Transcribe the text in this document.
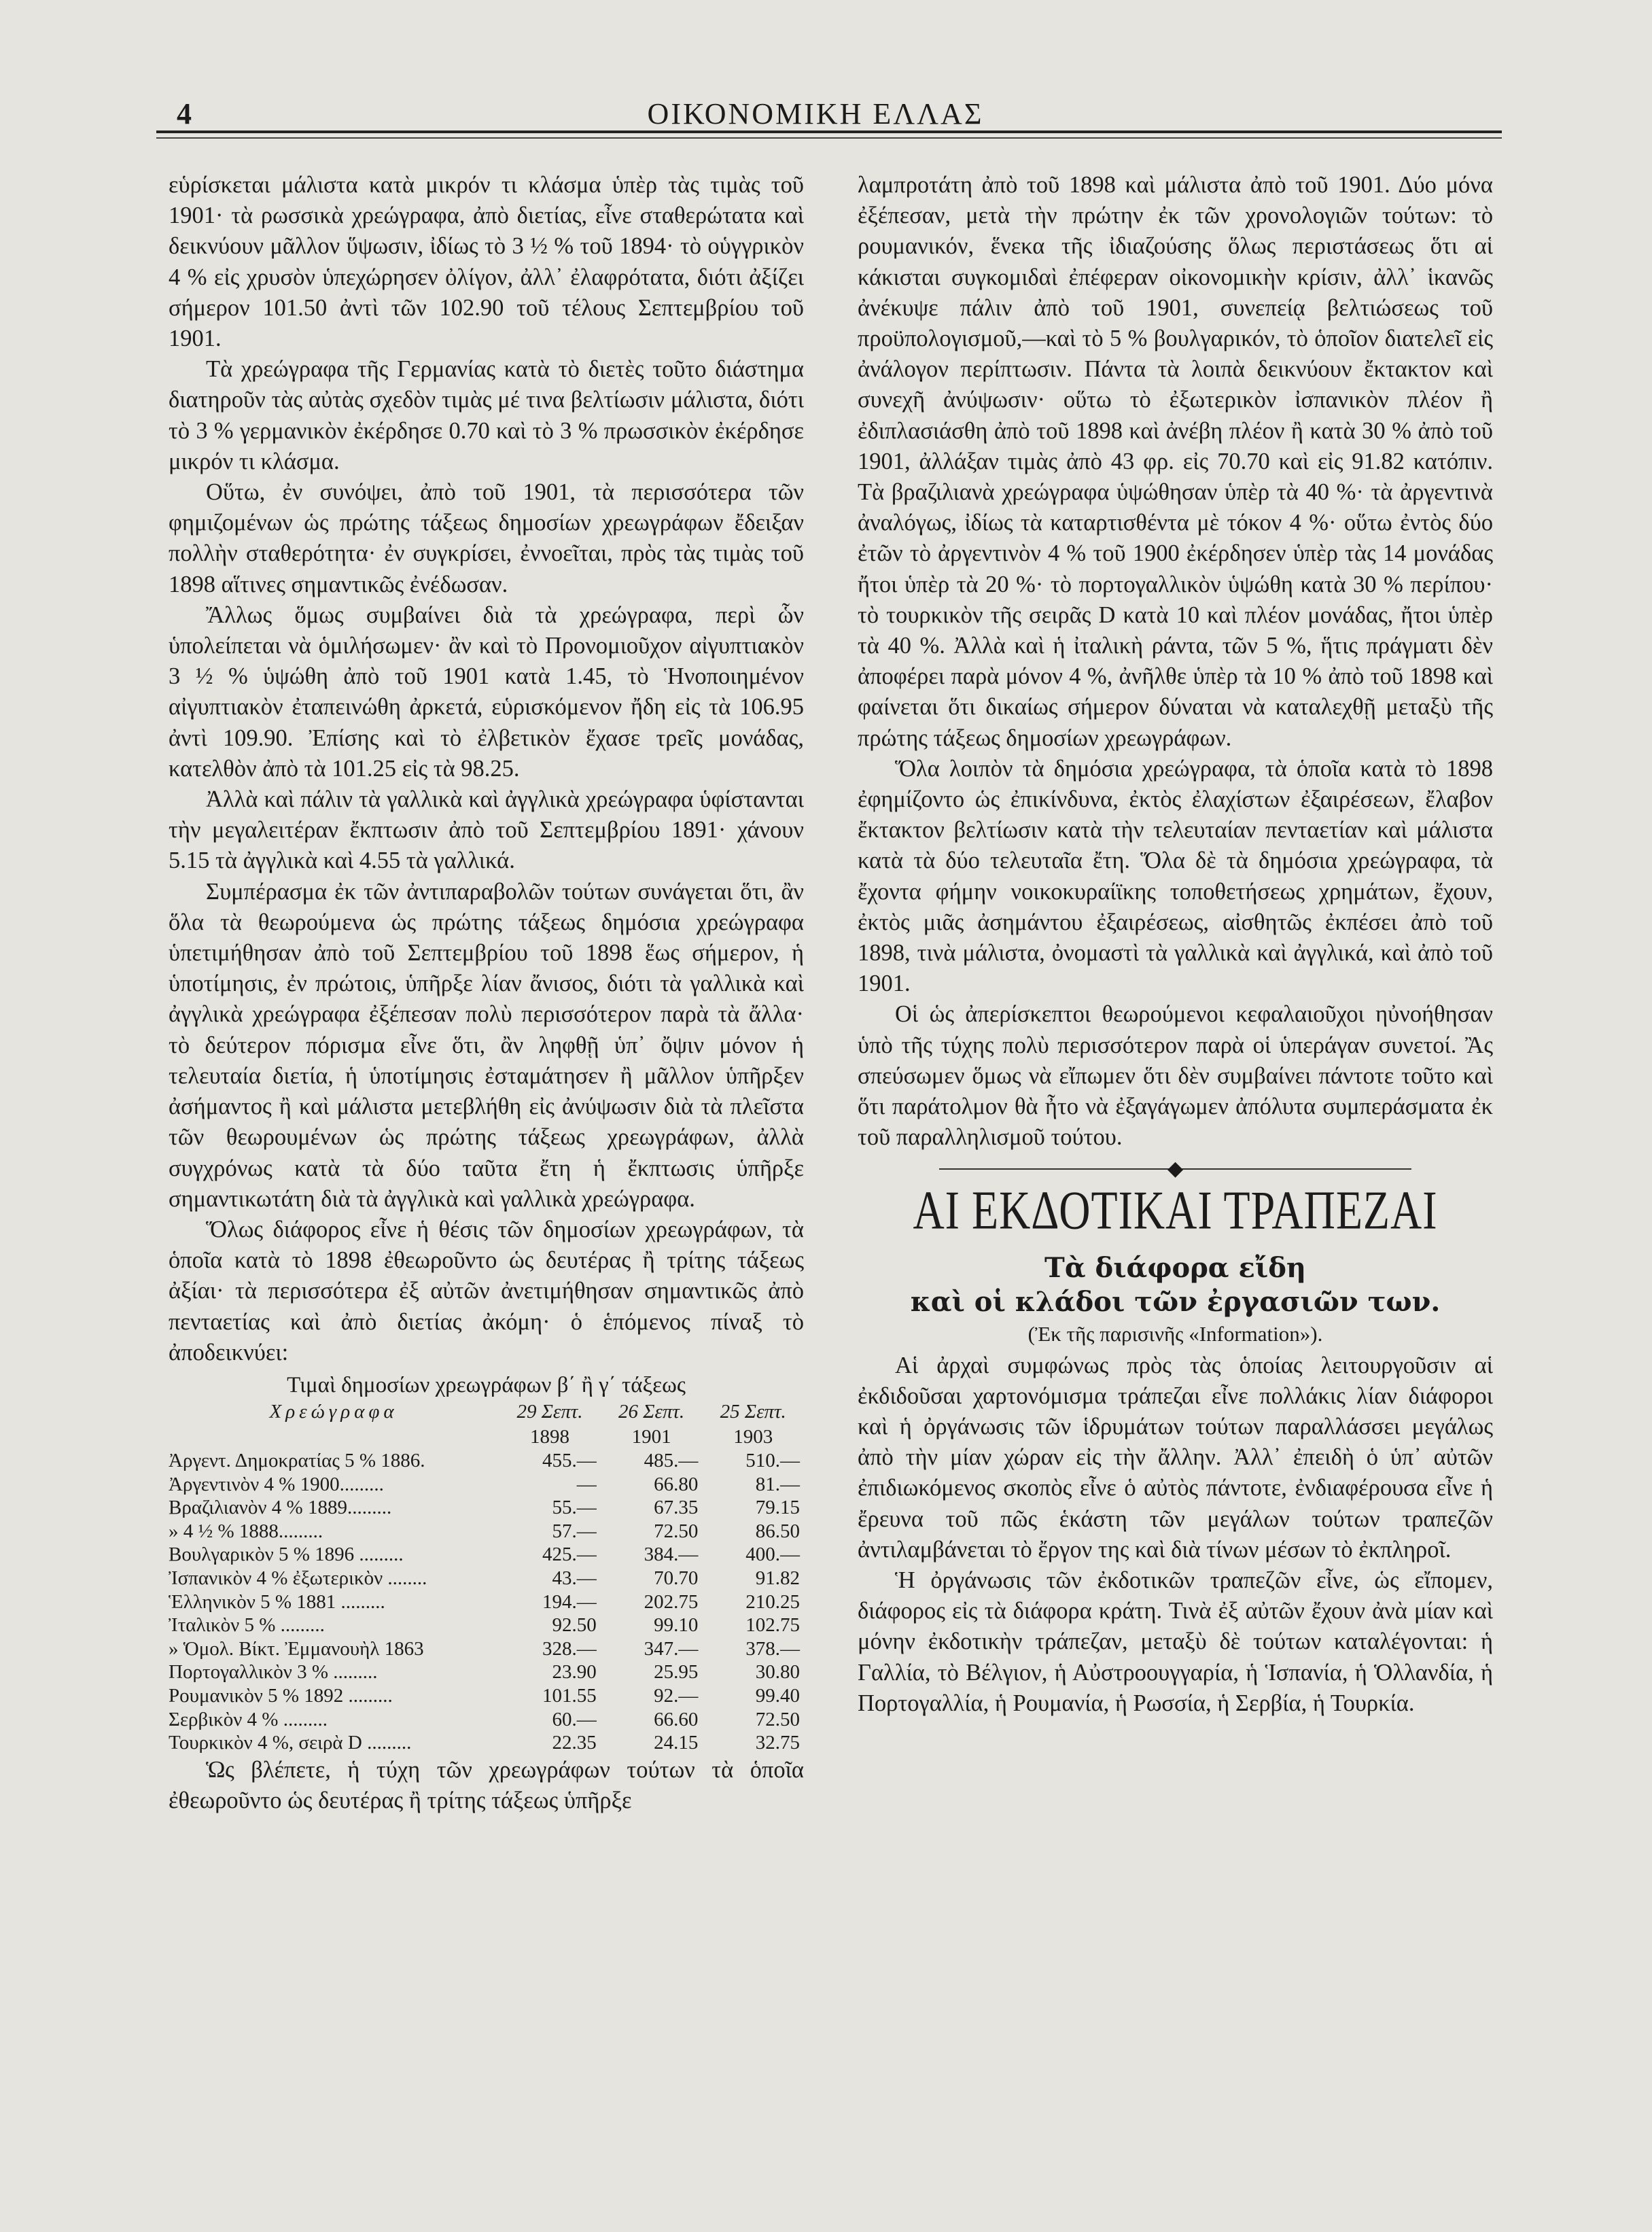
4	ΟΙΚΟΝΟΜΙΚΗ ΕΛΛΑΣ

εὑρίσκεται μάλιστα κατὰ μικρόν τι κλάσμα ὑπὲρ τὰς τιμὰς τοῦ 1901· τὰ ρωσσικὰ χρεώγραφα, ἀπὸ διετίας, εἶνε σταθερώτατα καὶ δεικνύουν μᾶλλον ὕψωσιν, ἰδίως τὸ 3 ½ % τοῦ 1894· τὸ οὑγγρικὸν 4 % εἰς χρυσὸν ὑπεχώρησεν ὀλίγον, ἀλλ᾽ ἐλαφρότατα, διότι ἀξίζει σήμερον 101.50 ἀντὶ τῶν 102.90 τοῦ τέλους Σεπτεμβρίου τοῦ 1901.

Τὰ χρεώγραφα τῆς Γερμανίας κατὰ τὸ διετὲς τοῦτο διάστημα διατηροῦν τὰς αὐτὰς σχεδὸν τιμὰς μέ τινα βελτίωσιν μάλιστα, διότι τὸ 3 % γερμανικὸν ἐκέρδησε 0.70 καὶ τὸ 3 % πρωσσικὸν ἐκέρδησε μικρόν τι κλάσμα.

Οὕτω, ἐν συνόψει, ἀπὸ τοῦ 1901, τὰ περισσότερα τῶν φημιζομένων ὡς πρώτης τάξεως δημοσίων χρεωγράφων ἔδειξαν πολλὴν σταθερότητα· ἐν συγκρίσει, ἐννοεῖται, πρὸς τὰς τιμὰς τοῦ 1898 αἵτινες σημαντικῶς ἐνέδωσαν.

Ἄλλως ὅμως συμβαίνει διὰ τὰ χρεώγραφα, περὶ ὧν ὑπολείπεται νὰ ὁμιλήσωμεν· ἂν καὶ τὸ Προνομιοῦχον αἰγυπτιακὸν 3 ½ % ὑψώθη ἀπὸ τοῦ 1901 κατὰ 1.45, τὸ Ἡνοποιημένον αἰγυπτιακὸν ἐταπεινώθη ἀρκετά, εὑρισκόμενον ἤδη εἰς τὰ 106.95 ἀντὶ 109.90. Ἐπίσης καὶ τὸ ἐλβετικὸν ἔχασε τρεῖς μονάδας, κατελθὸν ἀπὸ τὰ 101.25 εἰς τὰ 98.25.

Ἀλλὰ καὶ πάλιν τὰ γαλλικὰ καὶ ἀγγλικὰ χρεώγραφα ὑφίστανται τὴν μεγαλειτέραν ἔκπτωσιν ἀπὸ τοῦ Σεπτεμβρίου 1891· χάνουν 5.15 τὰ ἀγγλικὰ καὶ 4.55 τὰ γαλλικά.

Συμπέρασμα ἐκ τῶν ἀντιπαραβολῶν τούτων συνάγεται ὅτι, ἂν ὅλα τὰ θεωρούμενα ὡς πρώτης τάξεως δημόσια χρεώγραφα ὑπετιμήθησαν ἀπὸ τοῦ Σεπτεμβρίου τοῦ 1898 ἕως σήμερον, ἡ ὑποτίμησις, ἐν πρώτοις, ὑπῆρξε λίαν ἄνισος, διότι τὰ γαλλικὰ καὶ ἀγγλικὰ χρεώγραφα ἐξέπεσαν πολὺ περισσότερον παρὰ τὰ ἄλλα· τὸ δεύτερον πόρισμα εἶνε ὅτι, ἂν ληφθῇ ὑπ᾽ ὄψιν μόνον ἡ τελευταία διετία, ἡ ὑποτίμησις ἐσταμάτησεν ἢ μᾶλλον ὑπῆρξεν ἀσήμαντος ἢ καὶ μάλιστα μετεβλήθη εἰς ἀνύψωσιν διὰ τὰ πλεῖστα τῶν θεωρουμένων ὡς πρώτης τάξεως χρεωγράφων, ἀλλὰ συγχρόνως κατὰ τὰ δύο ταῦτα ἔτη ἡ ἔκπτωσις ὑπῆρξε σημαντικωτάτη διὰ τὰ ἀγγλικὰ καὶ γαλλικὰ χρεώγραφα.

Ὅλως διάφορος εἶνε ἡ θέσις τῶν δημοσίων χρεωγράφων, τὰ ὁποῖα κατὰ τὸ 1898 ἐθεωροῦντο ὡς δευτέρας ἢ τρίτης τάξεως ἀξίαι· τὰ περισσότερα ἐξ αὐτῶν ἀνετιμήθησαν σημαντικῶς ἀπὸ πενταετίας καὶ ἀπὸ διετίας ἀκόμη· ὁ ἑπόμενος πίναξ τὸ ἀποδεικνύει:

Τιμαὶ δημοσίων χρεωγράφων β΄ ἢ γ΄ τάξεως
Χρεώγραφα	29 Σεπτ.	26 Σεπτ.	25 Σεπτ.
	1898	1901	1903
Ἀργεντ. Δημοκρατίας 5 % 1886.	455.—	485.—	510.—
Ἀργεντινὸν 4 % 1900.........	—	66.80	81.—
Βραζιλιανὸν 4 % 1889.........	55.—	67.35	79.15
» 4 ½ % 1888.........	57.—	72.50	86.50
Βουλγαρικὸν 5 % 1896 .........	425.—	384.—	400.—
Ἰσπανικὸν 4 % ἐξωτερικὸν ........	43.—	70.70	91.82
Ἑλληνικὸν 5 % 1881 .........	194.—	202.75	210.25
Ἰταλικὸν 5 % .........	92.50	99.10	102.75
» Ὁμολ. Βίκτ. Ἐμμανουὴλ 1863	328.—	347.—	378.—
Πορτογαλλικὸν 3 % .........	23.90	25.95	30.80
Ρουμανικὸν 5 % 1892 .........	101.55	92.—	99.40
Σερβικὸν 4 % .........	60.—	66.60	72.50
Τουρκικὸν 4 %, σειρὰ D .........	22.35	24.15	32.75

Ὡς βλέπετε, ἡ τύχη τῶν χρεωγράφων τούτων τὰ ὁποῖα ἐθεωροῦντο ὡς δευτέρας ἢ τρίτης τάξεως ὑπῆρξε

λαμπροτάτη ἀπὸ τοῦ 1898 καὶ μάλιστα ἀπὸ τοῦ 1901. Δύο μόνα ἐξέπεσαν, μετὰ τὴν πρώτην ἐκ τῶν χρονολογιῶν τούτων: τὸ ρουμανικόν, ἕνεκα τῆς ἰδιαζούσης ὅλως περιστάσεως ὅτι αἱ κάκισται συγκομιδαὶ ἐπέφεραν οἰκονομικὴν κρίσιν, ἀλλ᾽ ἱκανῶς ἀνέκυψε πάλιν ἀπὸ τοῦ 1901, συνεπείᾳ βελτιώσεως τοῦ προϋπολογισμοῦ,—καὶ τὸ 5 % βουλγαρικόν, τὸ ὁποῖον διατελεῖ εἰς ἀνάλογον περίπτωσιν. Πάντα τὰ λοιπὰ δεικνύουν ἔκτακτον καὶ συνεχῆ ἀνύψωσιν· οὕτω τὸ ἐξωτερικὸν ἰσπανικὸν πλέον ἢ ἐδιπλασιάσθη ἀπὸ τοῦ 1898 καὶ ἀνέβη πλέον ἢ κατὰ 30 % ἀπὸ τοῦ 1901, ἀλλάξαν τιμὰς ἀπὸ 43 φρ. εἰς 70.70 καὶ εἰς 91.82 κατόπιν. Τὰ βραζιλιανὰ χρεώγραφα ὑψώθησαν ὑπὲρ τὰ 40 %· τὰ ἀργεντινὰ ἀναλόγως, ἰδίως τὰ καταρτισθέντα μὲ τόκον 4 %· οὕτω ἐντὸς δύο ἐτῶν τὸ ἀργεντινὸν 4 % τοῦ 1900 ἐκέρδησεν ὑπὲρ τὰς 14 μονάδας ἤτοι ὑπὲρ τὰ 20 %· τὸ πορτογαλλικὸν ὑψώθη κατὰ 30 % περίπου· τὸ τουρκικὸν τῆς σειρᾶς D κατὰ 10 καὶ πλέον μονάδας, ἤτοι ὑπὲρ τὰ 40 %. Ἀλλὰ καὶ ἡ ἰταλικὴ ράντα, τῶν 5 %, ἥτις πράγματι δὲν ἀποφέρει παρὰ μόνον 4 %, ἀνῆλθε ὑπὲρ τὰ 10 % ἀπὸ τοῦ 1898 καὶ φαίνεται ὅτι δικαίως σήμερον δύναται νὰ καταλεχθῇ μεταξὺ τῆς πρώτης τάξεως δημοσίων χρεωγράφων.

Ὅλα λοιπὸν τὰ δημόσια χρεώγραφα, τὰ ὁποῖα κατὰ τὸ 1898 ἐφημίζοντο ὡς ἐπικίνδυνα, ἐκτὸς ἐλαχίστων ἐξαιρέσεων, ἔλαβον ἔκτακτον βελτίωσιν κατὰ τὴν τελευταίαν πενταετίαν καὶ μάλιστα κατὰ τὰ δύο τελευταῖα ἔτη. Ὅλα δὲ τὰ δημόσια χρεώγραφα, τὰ ἔχοντα φήμην νοικοκυραίϊκης τοποθετήσεως χρημάτων, ἔχουν, ἐκτὸς μιᾶς ἀσημάντου ἐξαιρέσεως, αἰσθητῶς ἐκπέσει ἀπὸ τοῦ 1898, τινὰ μάλιστα, ὀνομαστὶ τὰ γαλλικὰ καὶ ἀγγλικά, καὶ ἀπὸ τοῦ 1901.

Οἱ ὡς ἀπερίσκεπτοι θεωρούμενοι κεφαλαιοῦχοι ηὐνοήθησαν ὑπὸ τῆς τύχης πολὺ περισσότερον παρὰ οἱ ὑπεράγαν συνετοί. Ἂς σπεύσωμεν ὅμως νὰ εἴπωμεν ὅτι δὲν συμβαίνει πάντοτε τοῦτο καὶ ὅτι παράτολμον θὰ ἦτο νὰ ἐξαγάγωμεν ἀπόλυτα συμπεράσματα ἐκ τοῦ παραλληλισμοῦ τούτου.

◆
ΑΙ ΕΚΔΟΤΙΚΑΙ ΤΡΑΠΕΖΑΙ
Τὰ διάφορα εἴδη
καὶ οἱ κλάδοι τῶν ἐργασιῶν των.
(Ἐκ τῆς παρισινῆς «Information»).

Αἱ ἀρχαὶ συμφώνως πρὸς τὰς ὁποίας λειτουργοῦσιν αἱ ἐκδιδοῦσαι χαρτονόμισμα τράπεζαι εἶνε πολλάκις λίαν διάφοροι καὶ ἡ ὀργάνωσις τῶν ἱδρυμάτων τούτων παραλλάσσει μεγάλως ἀπὸ τὴν μίαν χώραν εἰς τὴν ἄλλην. Ἀλλ᾽ ἐπειδὴ ὁ ὑπ᾽ αὐτῶν ἐπιδιωκόμενος σκοπὸς εἶνε ὁ αὐτὸς πάντοτε, ἐνδιαφέρουσα εἶνε ἡ ἔρευνα τοῦ πῶς ἑκάστη τῶν μεγάλων τούτων τραπεζῶν ἀντιλαμβάνεται τὸ ἔργον της καὶ διὰ τίνων μέσων τὸ ἐκπληροῖ.

Ἡ ὀργάνωσις τῶν ἐκδοτικῶν τραπεζῶν εἶνε, ὡς εἴπομεν, διάφορος εἰς τὰ διάφορα κράτη. Τινὰ ἐξ αὐτῶν ἔχουν ἀνὰ μίαν καὶ μόνην ἐκδοτικὴν τράπεζαν, μεταξὺ δὲ τούτων καταλέγονται: ἡ Γαλλία, τὸ Βέλγιον, ἡ Αὐστροουγγαρία, ἡ Ἱσπανία, ἡ Ὁλλανδία, ἡ Πορτογαλλία, ἡ Ρουμανία, ἡ Ρωσσία, ἡ Σερβία, ἡ Τουρκία.
